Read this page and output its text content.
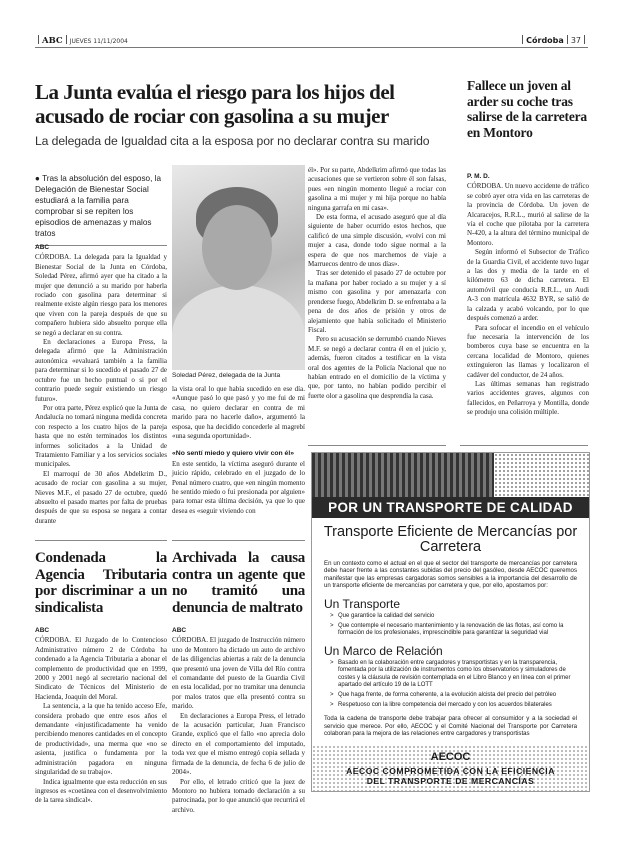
ABC JUEVES 11/11/2004	Córdoba 37
La Junta evalúa el riesgo para los hijos del acusado de rociar con gasolina a su mujer
La delegada de Igualdad cita a la esposa por no declarar contra su marido
Fallece un joven al arder su coche tras salirse de la carretera en Montoro
● Tras la absolución del esposo, la Delegación de Bienestar Social estudiará a la familia para comprobar si se repiten los episodios de amenazas y malos tratos
ABC

CÓRDOBA. La delegada para la Igualdad y Bienestar Social de la Junta en Córdoba, Soledad Pérez, afirmó ayer que ha citado a la mujer que denunció a su marido por haberla rociado con gasolina para determinar si realmente existe algún riesgo para los menores que viven con la pareja después de que su compañero hubiera sido absuelto porque ella se negó a declarar en su contra.

En declaraciones a Europa Press, la delegada afirmó que la Administración autonómica «evaluará también a la familia para determinar si lo sucedido el pasado 27 de octubre fue un hecho puntual o si por el contrario puede seguir existiendo un riesgo futuro».

Por otra parte, Pérez explicó que la Junta de Andalucía no tomará ninguna medida concreta con respecto a los cuatro hijos de la pareja hasta que no estén terminados los distintos informes solicitados a la Unidad de Tratamiento Familiar y a los servicios sociales municipales.

El marroquí de 30 años Abdelkrim D., acusado de rociar con gasolina a su mujer, Nieves M.F., el pasado 27 de octubre, quedó absuelto el pasado martes por falta de pruebas después de que su esposa se negara a contar durante

Soledad Pérez, delegada de la Junta

la vista oral lo que había sucedido en ese día. «Aunque pasó lo que pasó y yo me fui de mi casa, no quiero declarar en contra de mi marido para no hacerle daño», argumentó la esposa, que ha decidido concederle al magrebí «una segunda oportunidad».

«No sentí miedo y quiero vivir con él»

En este sentido, la víctima aseguró durante el juicio rápido, celebrado en el juzgado de lo Penal número cuatro, que «en ningún momento he sentido miedo o fui presionada por alguien» para tomar esta última decisión, ya que lo que desea es «seguir viviendo con

él». Por su parte, Abdelkrim afirmó que todas las acusaciones que se vertieron sobre él son falsas, pues «en ningún momento llegué a rociar con gasolina a mi mujer y mi hija porque no había ninguna garrafa en mi casa».

De esta forma, el acusado aseguró que al día siguiente de haber ocurrido estos hechos, que calificó de una simple discusión, «volví con mi mujer a casa, donde todo sigue normal a la espera de que nos marchemos de viaje a Marruecos dentro de unos días».

Tras ser detenido el pasado 27 de octubre por la mañana por haber rociado a su mujer y a sí mismo con gasolina y por amenazarla con prenderse fuego, Abdelkrim D. se enfrentaba a la pena de dos años de prisión y otros de alejamiento que había solicitado el Ministerio Fiscal.

Pero su acusación se derrumbó cuando Nieves M.F. se negó a declarar contra él en el juicio y, además, fueron citados a testificar en la vista oral dos agentes de la Policía Nacional que no habían entrado en el domicilio de la víctima y que, por tanto, no habían podido percibir el fuerte olor a gasolina que desprendía la casa.

P. M. D.

CÓRDOBA. Un nuevo accidente de tráfico se cobró ayer otra vida en las carreteras de la provincia de Córdoba. Un joven de Alcaracejos, R.R.L., murió al salirse de la vía el coche que pilotaba por la carretera N-420, a la altura del término municipal de Montoro.

Según informó el Subsector de Tráfico de la Guardia Civil, el accidente tuvo lugar a las dos y media de la tarde en el kilómetro 63 de dicha carretera. El automóvil que conducía R.R.L., un Audi A-3 con matrícula 4632 BYR, se salió de la calzada y acabó volcando, por lo que después comenzó a arder.

Para sofocar el incendio en el vehículo fue necesaria la intervención de los bomberos cuya base se encuentra en la cercana localidad de Montoro, quienes extinguieron las llamas y localizaron el cadáver del conductor, de 24 años.

Las últimas semanas han registrado varios accidentes graves, algunos con fallecidos, en Peñarroya y Montilla, donde se produjo una colisión múltiple.

Condenada la Agencia Tributaria por discriminar a un sindicalista
ABC

CÓRDOBA. El Juzgado de lo Contencioso Administrativo número 2 de Córdoba ha condenado a la Agencia Tributaria a abonar el complemento de productividad que en 1999, 2000 y 2001 negó al secretario nacional del Sindicato de Técnicos del Ministerio de Hacienda, Joaquín del Moral.

La sentencia, a la que ha tenido acceso Efe, considera probado que entre esos años el demandante «injustificadamente ha venido percibiendo menores cantidades en el concepto de productividad», una merma que «no se asienta, justifica o fundamenta por la administración pagadora en ninguna singularidad de su trabajo».

Indica igualmente que esta reducción en sus ingresos es «coetánea con el desenvolvimiento de la tarea sindical».

Archivada la causa contra un agente que no tramitó una denuncia de maltrato
ABC

CÓRDOBA. El juzgado de Instrucción número uno de Montoro ha dictado un auto de archivo de las diligencias abiertas a raíz de la denuncia que presentó una joven de Villa del Río contra el comandante del puesto de la Guardia Civil en esta localidad, por no tramitar una denuncia por malos tratos que ella presentó contra su marido.

En declaraciones a Europa Press, el letrado de la acusación particular, Juan Francisco Grande, explicó que el fallo «no aprecia dolo directo en el comportamiento del imputado, toda vez que el mismo entregó copia sellada y firmada de la denuncia, de fecha 6 de julio de 2004».

Por ello, el letrado criticó que la juez de Montoro no hubiera tomado declaración a su patrocinada, por lo que anunció que recurrirá el archivo.

POR UN TRANSPORTE DE CALIDAD
Transporte Eficiente de Mercancías por Carretera

En un contexto como el actual en el que el sector del transporte de mercancías por carretera debe hacer frente a las constantes subidas del precio del gasóleo, desde AECOC queremos manifestar que las empresas cargadoras somos sensibles a la importancia del desarrollo de un transporte eficiente de mercancías por carretera y que, por ello, apostamos por:

Un Transporte
> Que garantice la calidad del servicio
> Que contemple el necesario mantenimiento y la renovación de las flotas, así como la formación de los profesionales, imprescindible para garantizar la seguridad vial
Un Marco de Relación
> Basado en la colaboración entre cargadores y transportistas y en la transparencia, fomentada por la utilización de instrumentos como los observatorios y simuladores de costes y la cláusula de revisión contemplada en el Libro Blanco y en línea con el primer apartado del artículo 19 de la LOTT
> Que haga frente, de forma coherente, a la evolución alcista del precio del petróleo
> Respetuoso con la libre competencia del mercado y con los acuerdos bilaterales

Toda la cadena de transporte debe trabajar para ofrecer al consumidor y a la sociedad el servicio que merece. Por ello, AECOC y el Comité Nacional del Transporte por Carretera colaboran para la mejora de las relaciones entre cargadores y transportistas

AECOC
AECOC COMPROMETIDA CON LA EFICIENCIA
DEL TRANSPORTE DE MERCANCÍAS
